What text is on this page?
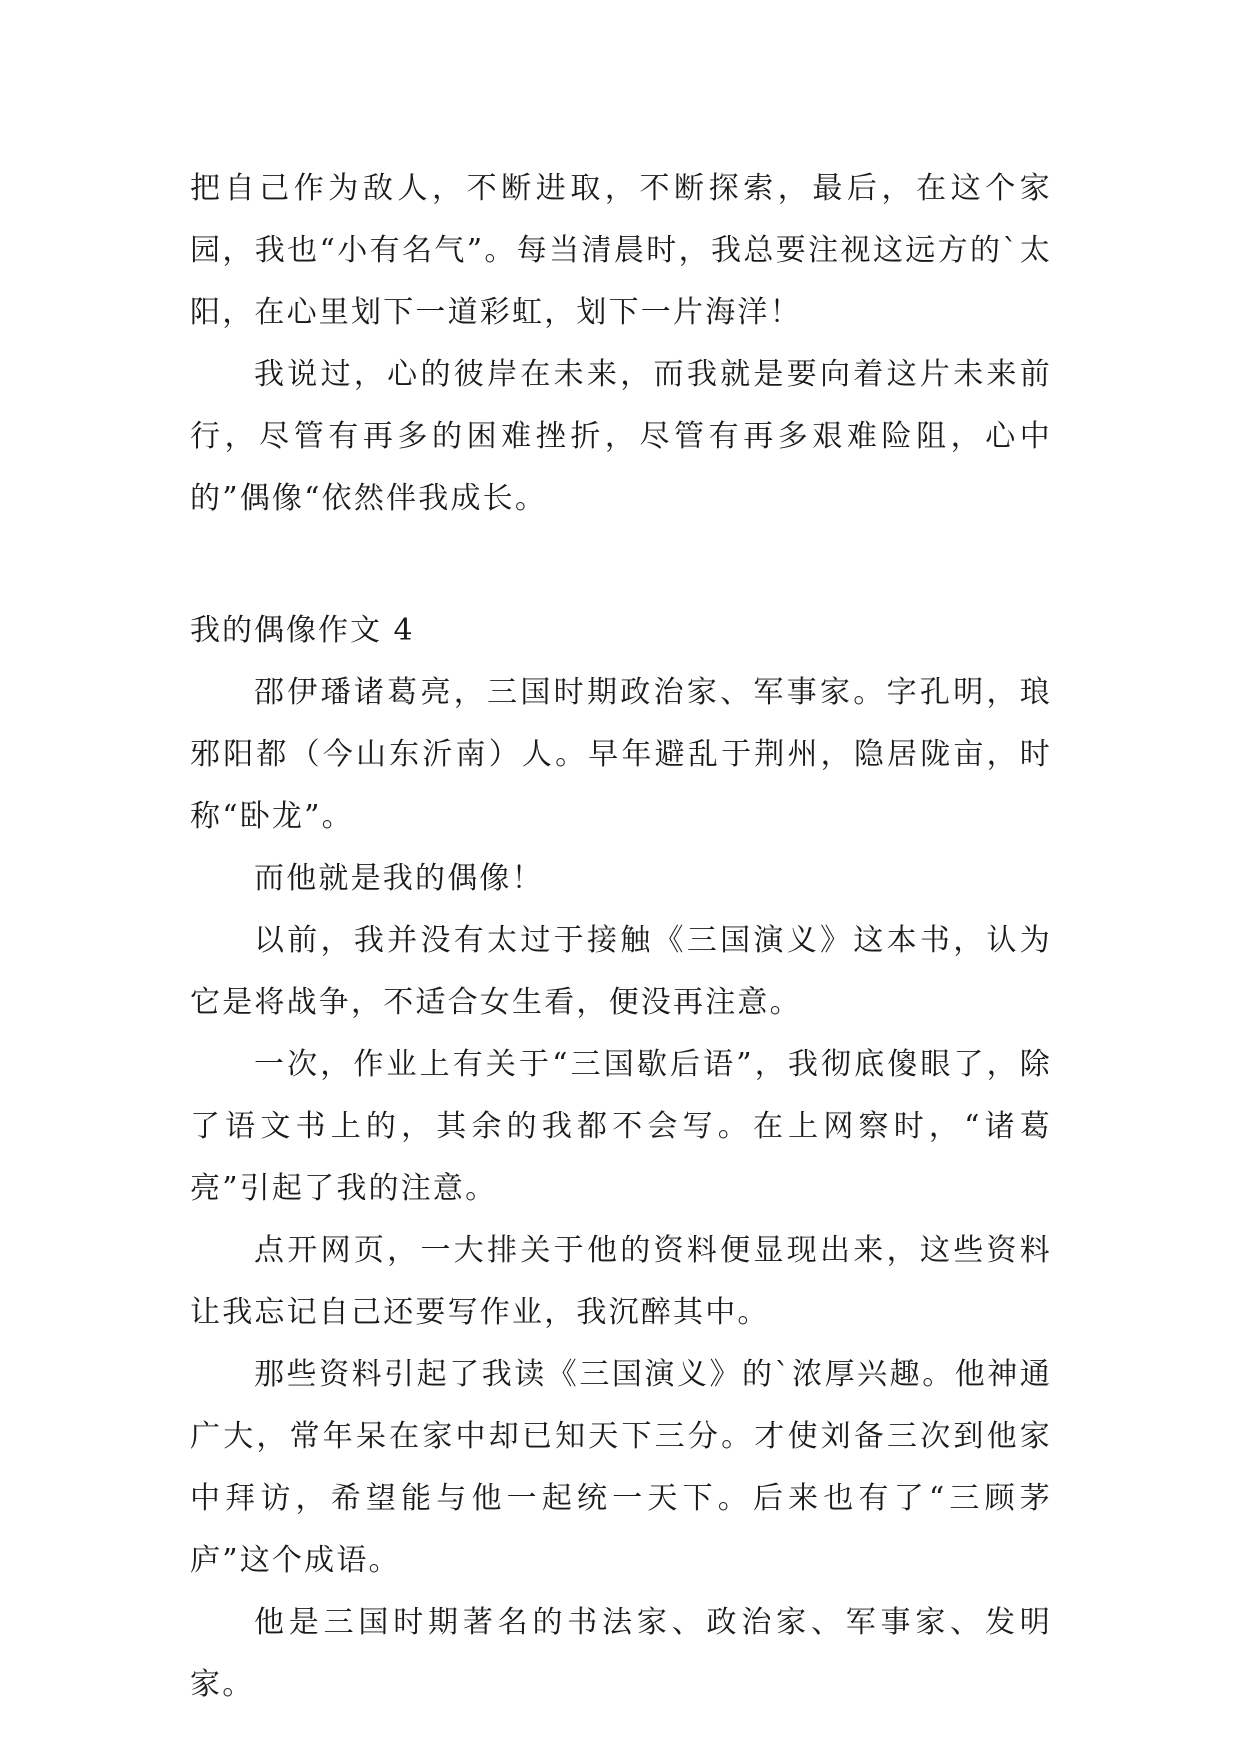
把自己作为敌人，不断进取，不断探索，最后，在这个家园，我也“小有名气”。每当清晨时，我总要注视这远方的`太阳，在心里划下一道彩虹，划下一片海洋！

我说过，心的彼岸在未来，而我就是要向着这片未来前行，尽管有再多的困难挫折，尽管有再多艰难险阻，心中的”偶像“依然伴我成长。

我的偶像作文 4

邵伊璠诸葛亮，三国时期政治家、军事家。字孔明，琅邪阳都（今山东沂南）人。早年避乱于荆州，隐居陇亩，时称“卧龙”。

而他就是我的偶像！

以前，我并没有太过于接触《三国演义》这本书，认为它是将战争，不适合女生看，便没再注意。

一次，作业上有关于“三国歇后语”，我彻底傻眼了，除了语文书上的，其余的我都不会写。在上网察时，“诸葛亮”引起了我的注意。

点开网页，一大排关于他的资料便显现出来，这些资料让我忘记自己还要写作业，我沉醉其中。

那些资料引起了我读《三国演义》的`浓厚兴趣。他神通广大，常年呆在家中却已知天下三分。才使刘备三次到他家中拜访，希望能与他一起统一天下。后来也有了“三顾茅庐”这个成语。

他是三国时期著名的书法家、政治家、军事家、发明家。
